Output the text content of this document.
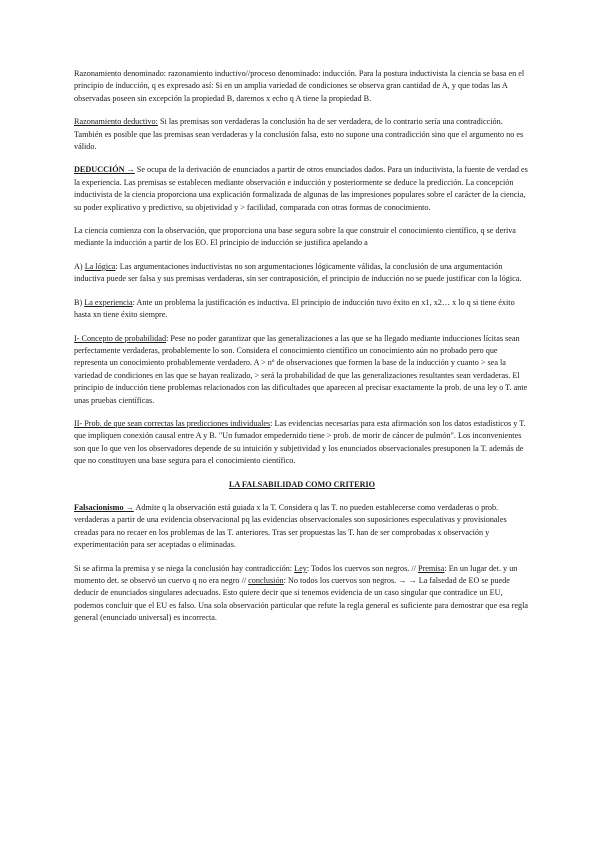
Razonamiento denominado: razonamiento inductivo//proceso denominado: inducción. Para la postura inductivista la ciencia se basa en el principio de inducción, q es expresado así: Si en un amplia variedad de condiciones se observa gran cantidad de A, y que todas las A observadas poseen sin excepción la propiedad B, daremos x echo q A tiene la propiedad B.

Razonamiento deductivo: Si las premisas son verdaderas la conclusión ha de ser verdadera, de lo contrario sería una contradicción. También es posible que las premisas sean verdaderas y la conclusión falsa, esto no supone una contradicción sino que el argumento no es válido.

DEDUCCIÓN → Se ocupa de la derivación de enunciados a partir de otros enunciados dados. Para un inductivista, la fuente de verdad es la experiencia. Las premisas se establecen mediante observación e inducción y posteriormente se deduce la predicción. La concepción inductivista de la ciencia proporciona una explicación formalizada de algunas de las impresiones populares sobre el carácter de la ciencia, su poder explicativo y predictivo, su objetividad y > facilidad, comparada con otras formas de conocimiento.

La ciencia comienza con la observación, que proporciona una base segura sobre la que construir el conocimiento científico, q se deriva mediante la inducción a partir de los EO. El principio de inducción se justifica apelando a

A) La lógica: Las argumentaciones inductivistas no son argumentaciones lógicamente válidas, la conclusión de una argumentación inductiva puede ser falsa y sus premisas verdaderas, sin ser contraposición, el principio de inducción no se puede justificar con la lógica.

B) La experiencia: Ante un problema la justificación es inductiva. El principio de inducción tuvo éxito en x1, x2… x lo q si tiene éxito hasta xn tiene éxito siempre.

I- Concepto de probabilidad: Pese no poder garantizar que las generalizaciones a las que se ha llegado mediante inducciones lícitas sean perfectamente verdaderas, probablemente lo son. Considera el conocimiento científico un conocimiento aún no probado pero que representa un conocimiento probablemente verdadero. A > nº de observaciones que formen la base de la inducción y cuanto > sea la variedad de condiciones en las que se hayan realizado, > será la probabilidad de que las generalizaciones resultantes sean verdaderas. El principio de inducción tiene problemas relacionados con las dificultades que aparecen al precisar exactamente la prob. de una ley o T. ante unas pruebas científicas.

II- Prob. de que sean correctas las predicciones individuales: Las evidencias necesarias para esta afirmación son los datos estadísticos y T. que impliquen conexión causal entre A y B. "Un fumador empedernido tiene > prob. de morir de cáncer de pulmón". Los inconvenientes son que lo que ven los observadores depende de su intuición y subjetividad y los enunciados observacionales presuponen la T. además de que no constituyen una base segura para el conocimiento científico.

LA FALSABILIDAD COMO CRITERIO

Falsacionismo → Admite q la observación está guiada x la T. Considera q las T. no pueden establecerse como verdaderas o prob. verdaderas a partir de una evidencia observacional pq las evidencias observacionales son suposiciones especulativas y provisionales creadas para no recaer en los problemas de las T. anteriores. Tras ser propuestas las T. han de ser comprobadas x observación y experimentación para ser aceptadas o eliminadas.

Si se afirma la premisa y se niega la conclusión hay contradicción: Ley: Todos los cuervos son negros. // Premisa: En un lugar det. y un momento det. se observó un cuervo q no era negro // conclusión: No todos los cuervos son negros. → → La falsedad de EO se puede deducir de enunciados singulares adecuados. Esto quiere decir que si tenemos evidencia de un caso singular que contradice un EU, podemos concluir que el EU es falso. Una sola observación particular que refute la regla general es suficiente para demostrar que esa regla general (enunciado universal) es incorrecta.
